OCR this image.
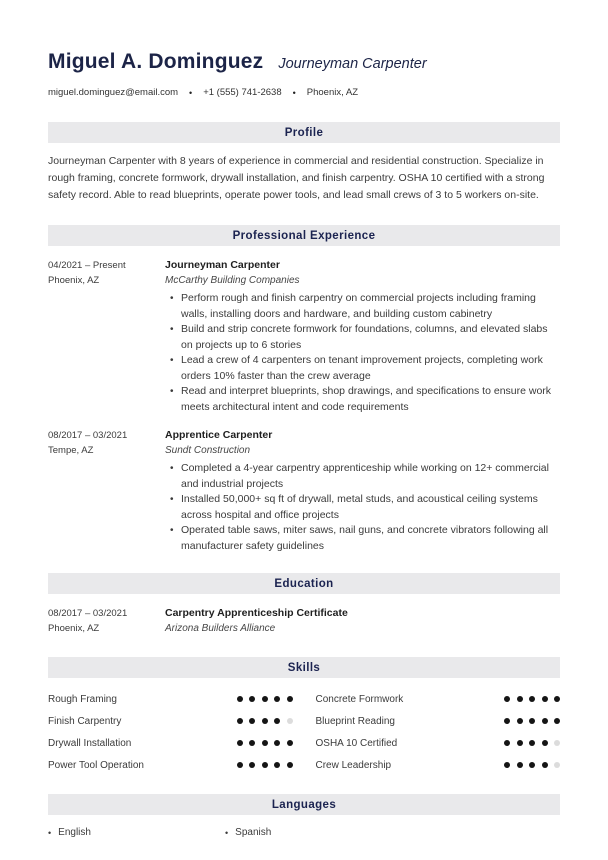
Miguel A. Dominguez Journeyman Carpenter
miguel.dominguez@email.com • +1 (555) 741-2638 • Phoenix, AZ
Profile

Journeyman Carpenter with 8 years of experience in commercial and residential construction. Specialize in rough framing, concrete formwork, drywall installation, and finish carpentry. OSHA 10 certified with a strong safety record. Able to read blueprints, operate power tools, and lead small crews of 3 to 5 workers on-site.

Professional Experience
04/2021 – Present
Phoenix, AZ
Journeyman Carpenter
McCarthy Building Companies
• Perform rough and finish carpentry on commercial projects including framing walls, installing doors and hardware, and building custom cabinetry
• Build and strip concrete formwork for foundations, columns, and elevated slabs on projects up to 6 stories
• Lead a crew of 4 carpenters on tenant improvement projects, completing work orders 10% faster than the crew average
• Read and interpret blueprints, shop drawings, and specifications to ensure work meets architectural intent and code requirements
08/2017 – 03/2021
Tempe, AZ
Apprentice Carpenter
Sundt Construction
• Completed a 4-year carpentry apprenticeship while working on 12+ commercial and industrial projects
• Installed 50,000+ sq ft of drywall, metal studs, and acoustical ceiling systems across hospital and office projects
• Operated table saws, miter saws, nail guns, and concrete vibrators following all manufacturer safety guidelines
Education
08/2017 – 03/2021
Phoenix, AZ
Carpentry Apprenticeship Certificate
Arizona Builders Alliance
Skills
Rough Framing
Finish Carpentry
Drywall Installation
Power Tool Operation
Concrete Formwork
Blueprint Reading
OSHA 10 Certified
Crew Leadership
Languages
• English	• Spanish
